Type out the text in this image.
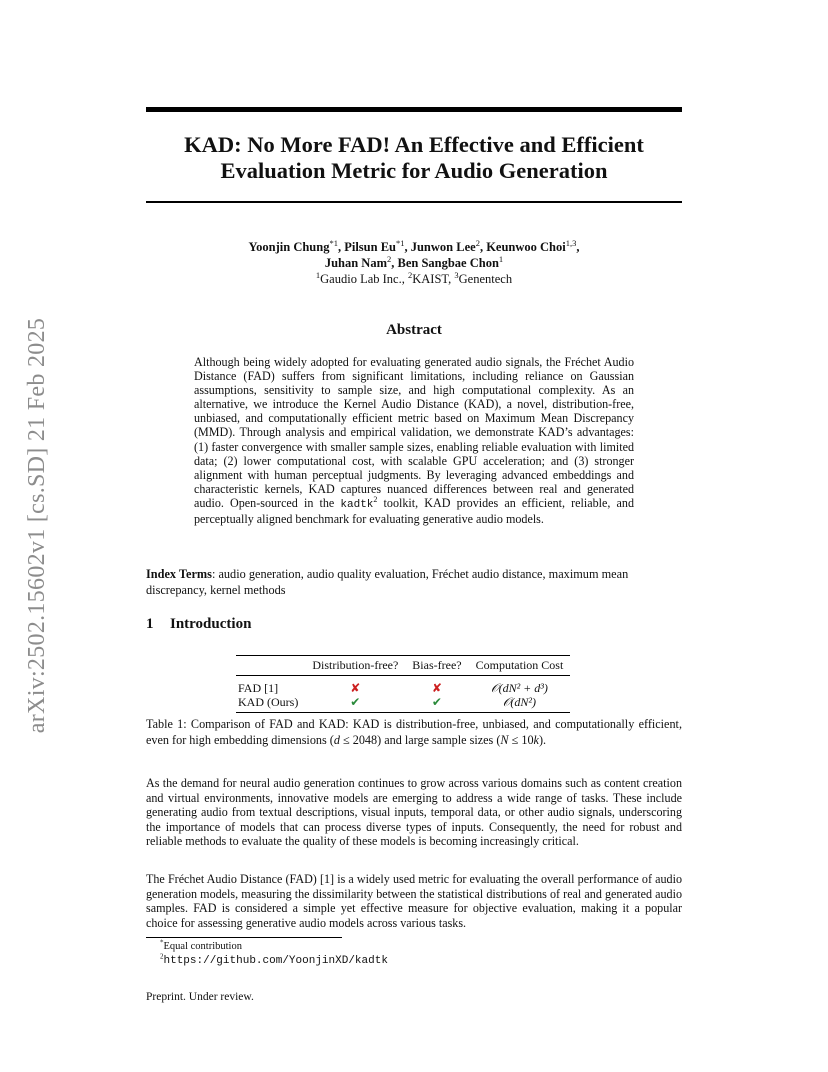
arXiv:2502.15602v1 [cs.SD] 21 Feb 2025
KAD: No More FAD! An Effective and Efficient
Evaluation Metric for Audio Generation
Yoonjin Chung$^{*1}$, Pilsun Eu$^{*1}$, Junwon Lee$^2$, Keunwoo Choi$^{1,3}$,
Juhan Nam$^2$, Ben Sangbae Chon$^1$
$^1$Gaudio Lab Inc., $^2$KAIST, $^3$Genentech
Abstract

Although being widely adopted for evaluating generated audio signals, the Fréchet Audio Distance (FAD) suffers from significant limitations, including reliance on Gaussian assumptions, sensitivity to sample size, and high computational complexity. As an alternative, we introduce the Kernel Audio Distance (KAD), a novel, distribution-free, unbiased, and computationally efficient metric based on Maximum Mean Discrepancy (MMD). Through analysis and empirical validation, we demonstrate KAD’s advantages: (1) faster convergence with smaller sample sizes, enabling reliable evaluation with limited data; (2) lower computational cost, with scalable GPU acceleration; and (3) stronger alignment with human perceptual judgments. By leveraging advanced embeddings and characteristic kernels, KAD captures nuanced differences between real and generated audio. Open-sourced in the kadtk$^2$ toolkit, KAD provides an efficient, reliable, and perceptually aligned benchmark for evaluating generative audio models.

Index Terms: audio generation, audio quality evaluation, Fréchet audio distance, maximum mean discrepancy, kernel methods

1 Introduction
	Distribution-free?	Bias-free?	Computation Cost
FAD [1]	✘	✘	𝒪(dN² + d³)
KAD (Ours)	✔	✔	𝒪(dN²)

Table 1: Comparison of FAD and KAD: KAD is distribution-free, unbiased, and computationally efficient, even for high embedding dimensions (d ≤ 2048) and large sample sizes (N ≤ 10k).

As the demand for neural audio generation continues to grow across various domains such as content creation and virtual environments, innovative models are emerging to address a wide range of tasks. These include generating audio from textual descriptions, visual inputs, temporal data, or other audio signals, underscoring the importance of models that can process diverse types of inputs. Consequently, the need for robust and reliable methods to evaluate the quality of these models is becoming increasingly critical.

The Fréchet Audio Distance (FAD) [1] is a widely used metric for evaluating the overall performance of audio generation models, measuring the dissimilarity between the statistical distributions of real and generated audio samples. FAD is considered a simple yet effective measure for objective evaluation, making it a popular choice for assessing generative audio models across various tasks.

*Equal contribution

$^2$https://github.com/YoonjinXD/kadtk

Preprint. Under review.
